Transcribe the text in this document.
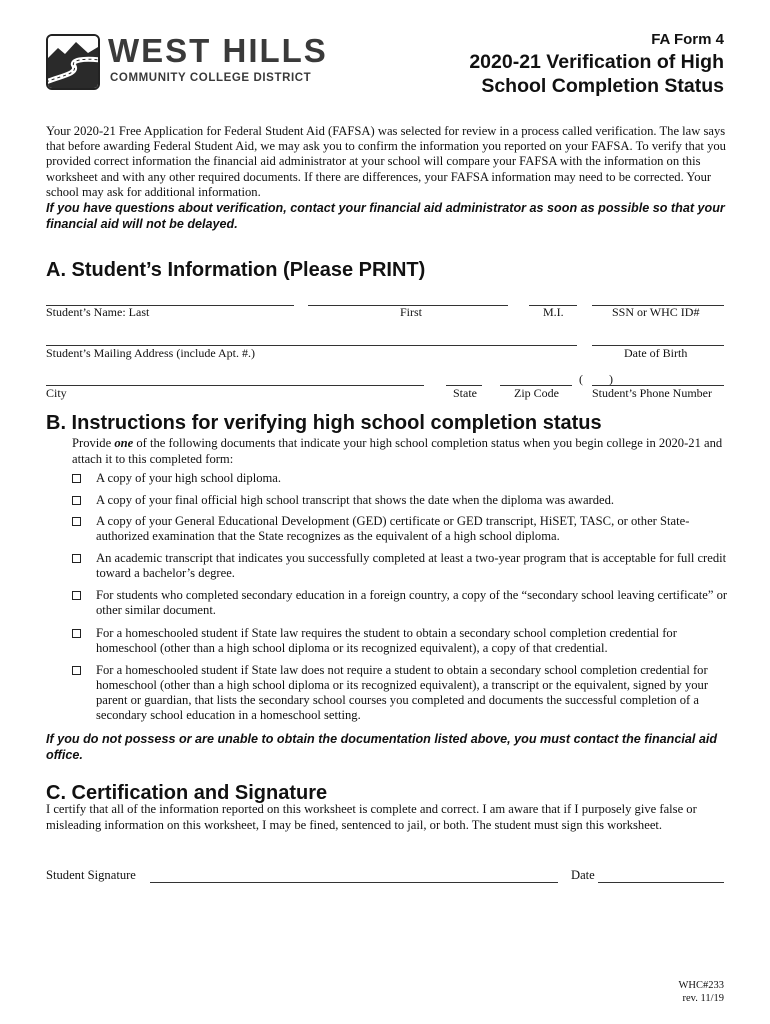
WEST HILLS
COMMUNITY COLLEGE DISTRICT
FA Form 4
2020-21 Verification of High
School Completion Status
Your 2020-21 Free Application for Federal Student Aid (FAFSA) was selected for review in a process called verification. The law says that before awarding Federal Student Aid, we may ask you to confirm the information you reported on your FAFSA. To verify that you provided correct information the financial aid administrator at your school will compare your FAFSA with the information on this worksheet and with any other required documents. If there are differences, your FAFSA information may need to be corrected. Your school may ask for additional information.
If you have questions about verification, contact your financial aid administrator as soon as possible so that your financial aid will not be delayed.
A. Student’s Information (Please PRINT)
Student’s Name: Last	First	M.I.	SSN or WHC ID#
Student’s Mailing Address (include Apt. #.)	Date of Birth
( )
City	State	Zip Code	Student’s Phone Number
B. Instructions for verifying high school completion status
Provide one of the following documents that indicate your high school completion status when you begin college in 2020-21 and attach it to this completed form:
A copy of your high school diploma.
A copy of your final official high school transcript that shows the date when the diploma was awarded.
A copy of your General Educational Development (GED) certificate or GED transcript, HiSET, TASC, or other State- authorized examination that the State recognizes as the equivalent of a high school diploma.
An academic transcript that indicates you successfully completed at least a two-year program that is acceptable for full credit toward a bachelor’s degree.
For students who completed secondary education in a foreign country, a copy of the “secondary school leaving certificate” or other similar document.
For a homeschooled student if State law requires the student to obtain a secondary school completion credential for homeschool (other than a high school diploma or its recognized equivalent), a copy of that credential.
For a homeschooled student if State law does not require a student to obtain a secondary school completion credential for homeschool (other than a high school diploma or its recognized equivalent), a transcript or the equivalent, signed by your parent or guardian, that lists the secondary school courses you completed and documents the successful completion of a secondary school education in a homeschool setting.
If you do not possess or are unable to obtain the documentation listed above, you must contact the financial aid office.
C. Certification and Signature
I certify that all of the information reported on this worksheet is complete and correct. I am aware that if I purposely give false or misleading information on this worksheet, I may be fined, sentenced to jail, or both. The student must sign this worksheet.
Student Signature	Date
WHC#233
rev. 11/19
